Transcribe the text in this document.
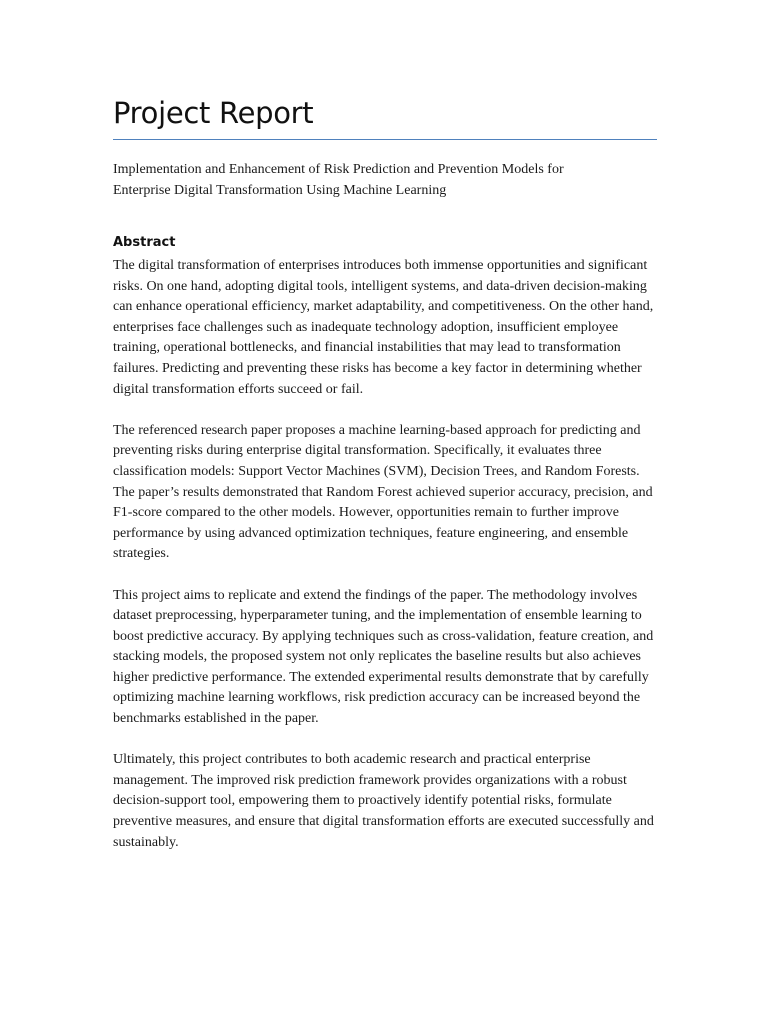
Project Report

Implementation and Enhancement of Risk Prediction and Prevention Models for
Enterprise Digital Transformation Using Machine Learning

Abstract

The digital transformation of enterprises introduces both immense opportunities and significant risks. On one hand, adopting digital tools, intelligent systems, and data-driven decision-making can enhance operational efficiency, market adaptability, and competitiveness. On the other hand, enterprises face challenges such as inadequate technology adoption, insufficient employee training, operational bottlenecks, and financial instabilities that may lead to transformation failures. Predicting and preventing these risks has become a key factor in determining whether digital transformation efforts succeed or fail.

The referenced research paper proposes a machine learning-based approach for predicting and preventing risks during enterprise digital transformation. Specifically, it evaluates three classification models: Support Vector Machines (SVM), Decision Trees, and Random Forests. The paper’s results demonstrated that Random Forest achieved superior accuracy, precision, and F1-score compared to the other models. However, opportunities remain to further improve performance by using advanced optimization techniques, feature engineering, and ensemble strategies.

This project aims to replicate and extend the findings of the paper. The methodology involves dataset preprocessing, hyperparameter tuning, and the implementation of ensemble learning to boost predictive accuracy. By applying techniques such as cross-validation, feature creation, and stacking models, the proposed system not only replicates the baseline results but also achieves higher predictive performance. The extended experimental results demonstrate that by carefully optimizing machine learning workflows, risk prediction accuracy can be increased beyond the benchmarks established in the paper.

Ultimately, this project contributes to both academic research and practical enterprise management. The improved risk prediction framework provides organizations with a robust decision-support tool, empowering them to proactively identify potential risks, formulate preventive measures, and ensure that digital transformation efforts are executed successfully and sustainably.
